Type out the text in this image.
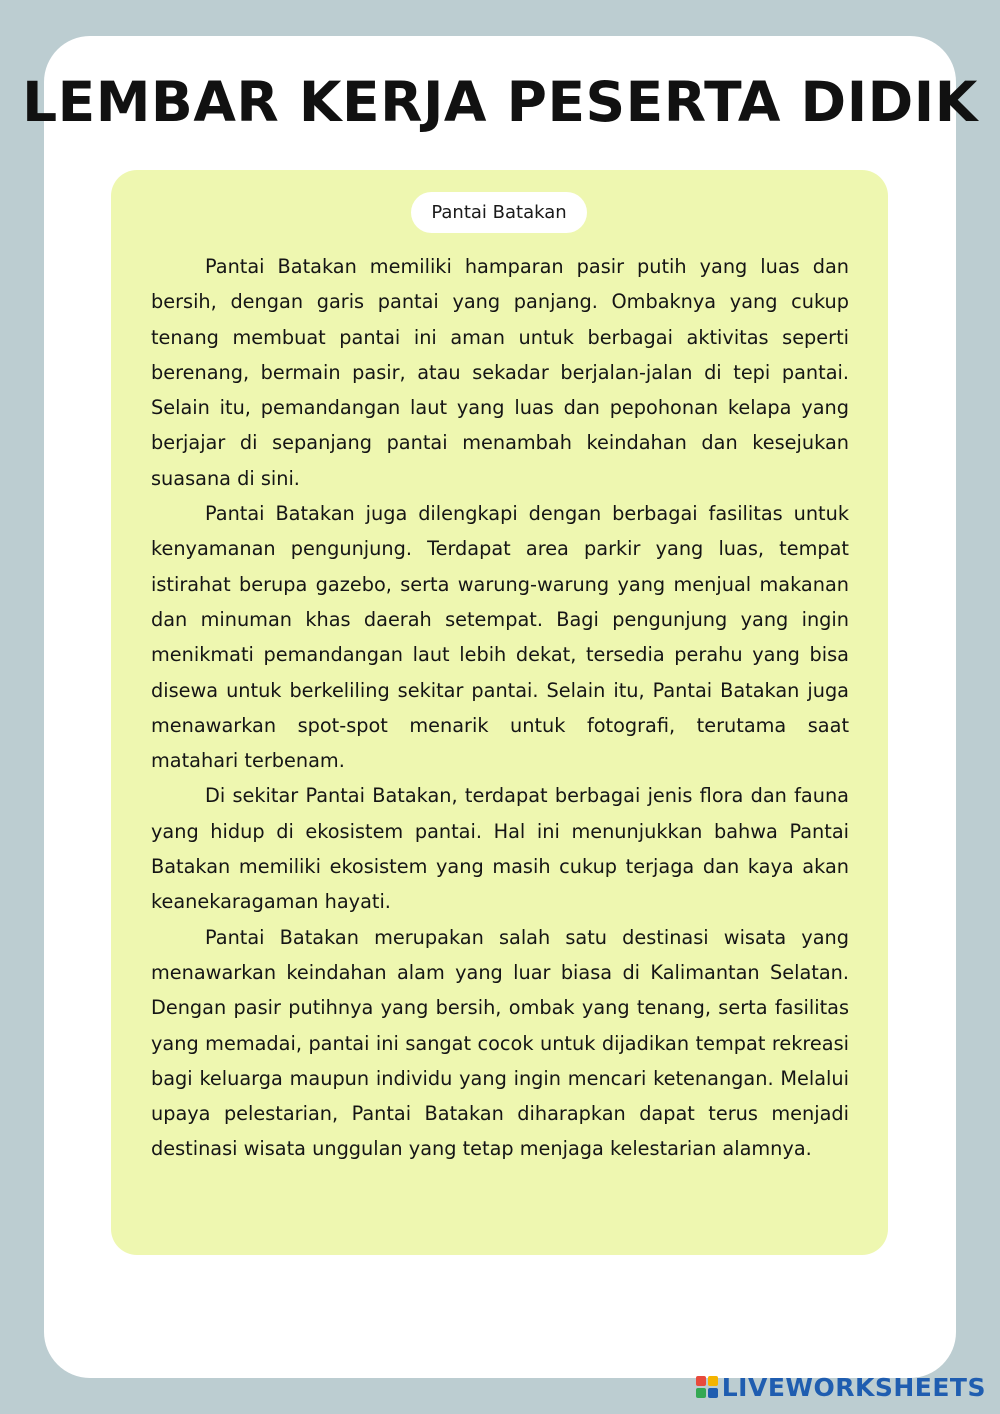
LEMBAR KERJA PESERTA DIDIK
Pantai Batakan

Pantai Batakan memiliki hamparan pasir putih yang luas dan bersih, dengan garis pantai yang panjang. Ombaknya yang cukup tenang membuat pantai ini aman untuk berbagai aktivitas seperti berenang, bermain pasir, atau sekadar berjalan-jalan di tepi pantai. Selain itu, pemandangan laut yang luas dan pepohonan kelapa yang berjajar di sepanjang pantai menambah keindahan dan kesejukan suasana di sini.

Pantai Batakan juga dilengkapi dengan berbagai fasilitas untuk kenyamanan pengunjung. Terdapat area parkir yang luas, tempat istirahat berupa gazebo, serta warung-warung yang menjual makanan dan minuman khas daerah setempat. Bagi pengunjung yang ingin menikmati pemandangan laut lebih dekat, tersedia perahu yang bisa disewa untuk berkeliling sekitar pantai. Selain itu, Pantai Batakan juga menawarkan spot-spot menarik untuk fotografi, terutama saat matahari terbenam.

Di sekitar Pantai Batakan, terdapat berbagai jenis flora dan fauna yang hidup di ekosistem pantai. Hal ini menunjukkan bahwa Pantai Batakan memiliki ekosistem yang masih cukup terjaga dan kaya akan keanekaragaman hayati.

Pantai Batakan merupakan salah satu destinasi wisata yang menawarkan keindahan alam yang luar biasa di Kalimantan Selatan. Dengan pasir putihnya yang bersih, ombak yang tenang, serta fasilitas yang memadai, pantai ini sangat cocok untuk dijadikan tempat rekreasi bagi keluarga maupun individu yang ingin mencari ketenangan. Melalui upaya pelestarian, Pantai Batakan diharapkan dapat terus menjadi destinasi wisata unggulan yang tetap menjaga kelestarian alamnya.

LIVEWORKSHEETS
